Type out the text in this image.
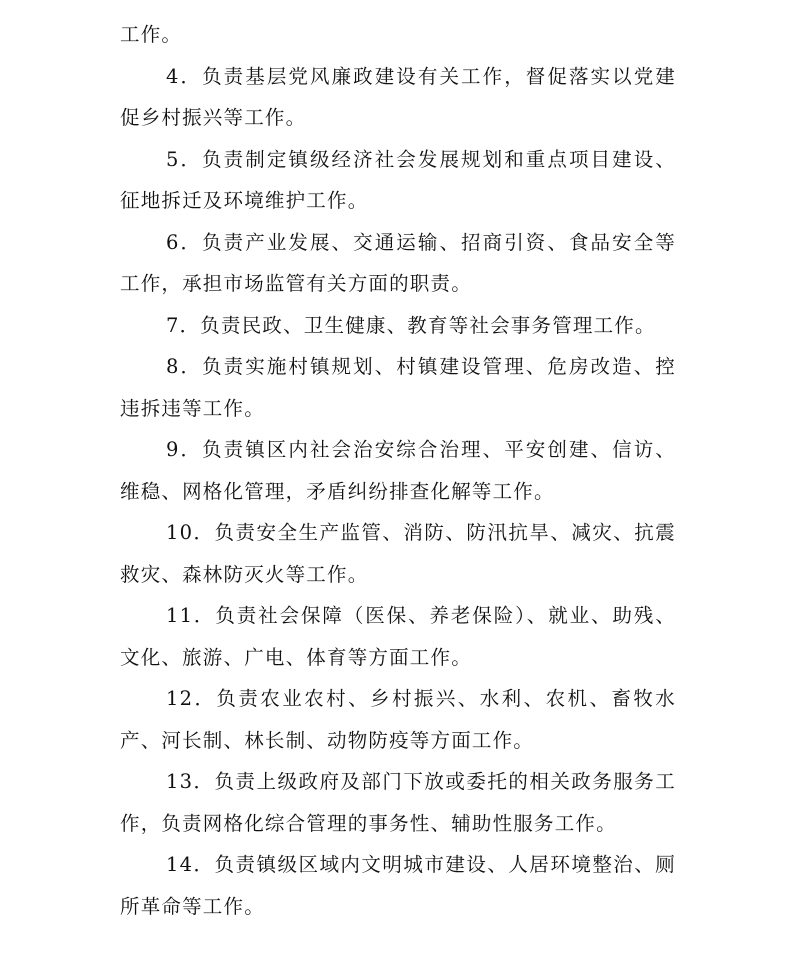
工作。

4．负责基层党风廉政建设有关工作，督促落实以党建促乡村振兴等工作。

5．负责制定镇级经济社会发展规划和重点项目建设、征地拆迁及环境维护工作。

6．负责产业发展、交通运输、招商引资、食品安全等工作，承担市场监管有关方面的职责。

7．负责民政、卫生健康、教育等社会事务管理工作。

8．负责实施村镇规划、村镇建设管理、危房改造、控违拆违等工作。

9．负责镇区内社会治安综合治理、平安创建、信访、维稳、网格化管理，矛盾纠纷排查化解等工作。

10．负责安全生产监管、消防、防汛抗旱、减灾、抗震救灾、森林防灭火等工作。

11．负责社会保障（医保、养老保险）、就业、助残、文化、旅游、广电、体育等方面工作。

12．负责农业农村、乡村振兴、水利、农机、畜牧水产、河长制、林长制、动物防疫等方面工作。

13．负责上级政府及部门下放或委托的相关政务服务工作，负责网格化综合管理的事务性、辅助性服务工作。

14．负责镇级区域内文明城市建设、人居环境整治、厕所革命等工作。
